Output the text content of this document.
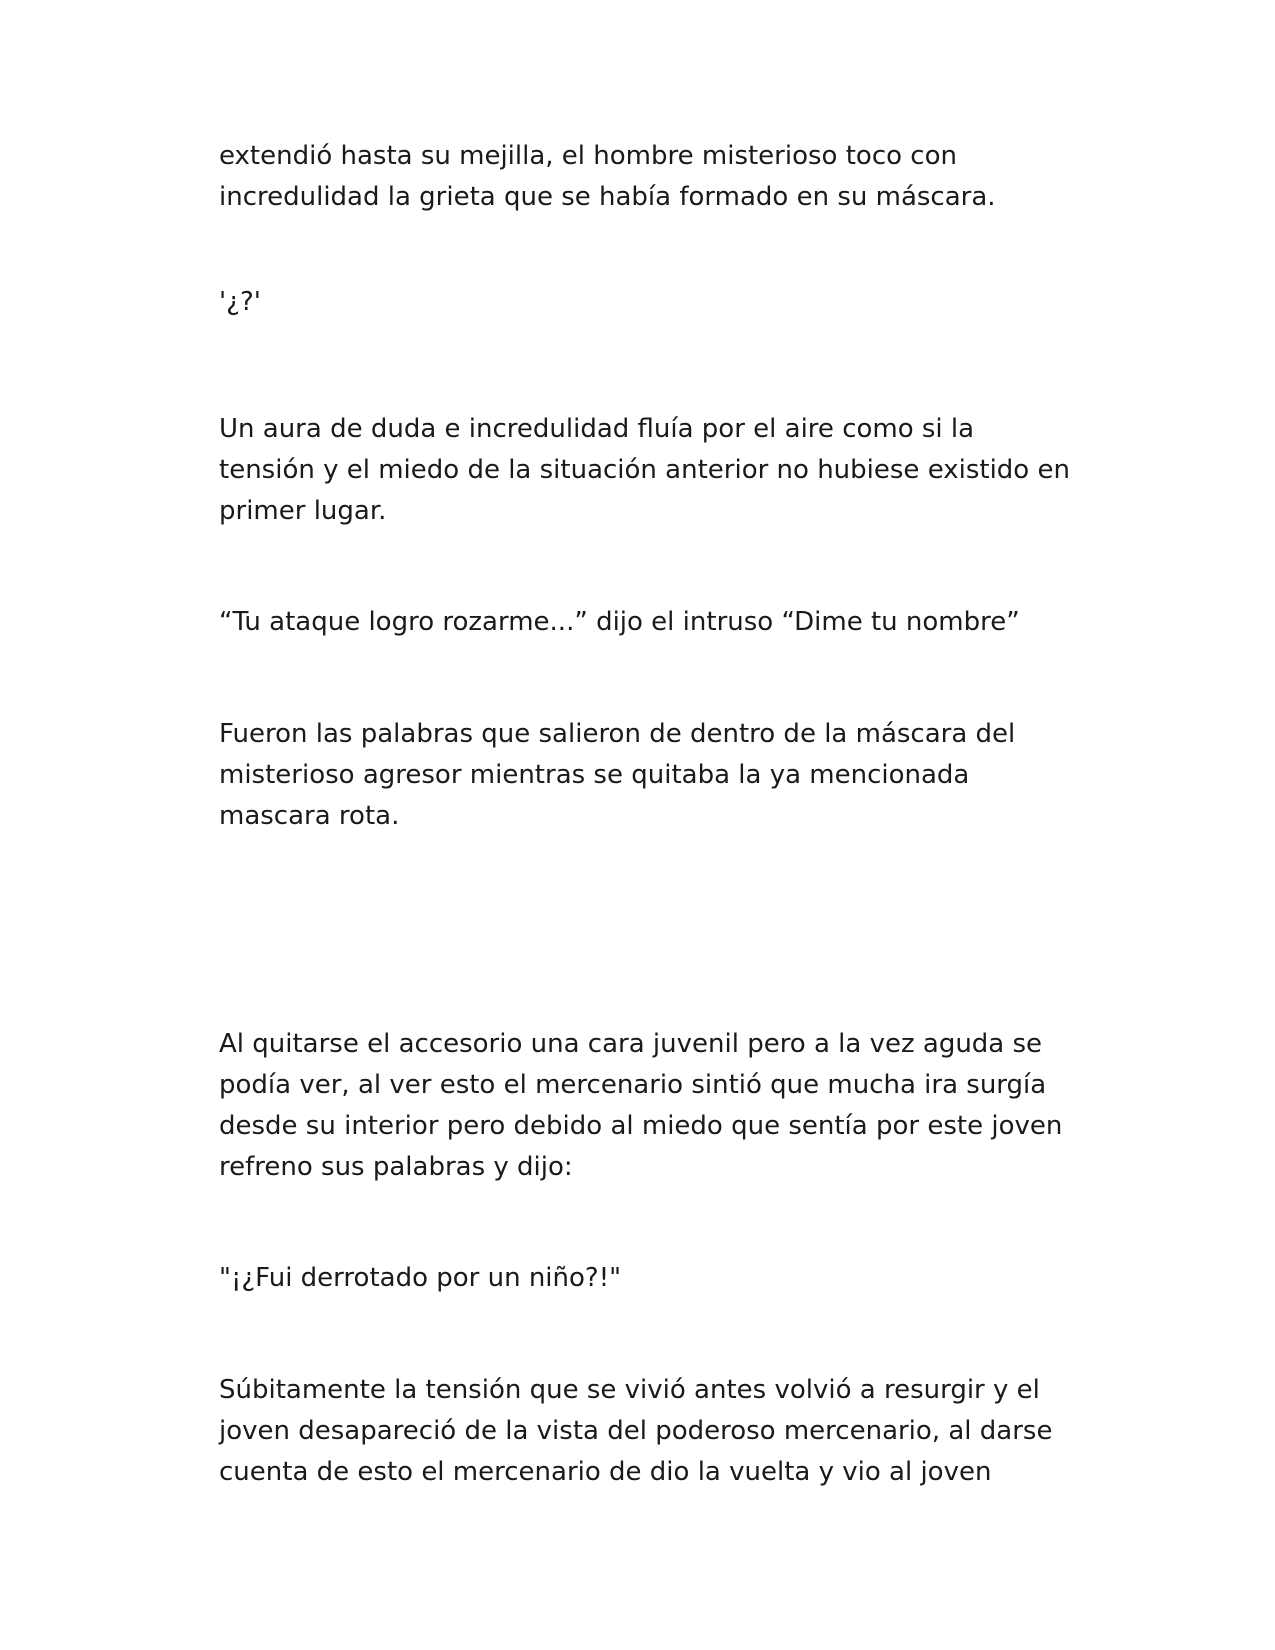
extendió hasta su mejilla, el hombre misterioso toco con
incredulidad la grieta que se había formado en su máscara.

'¿?'

Un aura de duda e incredulidad fluía por el aire como si la
tensión y el miedo de la situación anterior no hubiese existido en
primer lugar.

“Tu ataque logro rozarme...” dijo el intruso “Dime tu nombre”

Fueron las palabras que salieron de dentro de la máscara del
misterioso agresor mientras se quitaba la ya mencionada
mascara rota.

Al quitarse el accesorio una cara juvenil pero a la vez aguda se
podía ver, al ver esto el mercenario sintió que mucha ira surgía
desde su interior pero debido al miedo que sentía por este joven
refreno sus palabras y dijo:

"¡¿Fui derrotado por un niño?!"

Súbitamente la tensión que se vivió antes volvió a resurgir y el
joven desapareció de la vista del poderoso mercenario, al darse
cuenta de esto el mercenario de dio la vuelta y vio al joven
